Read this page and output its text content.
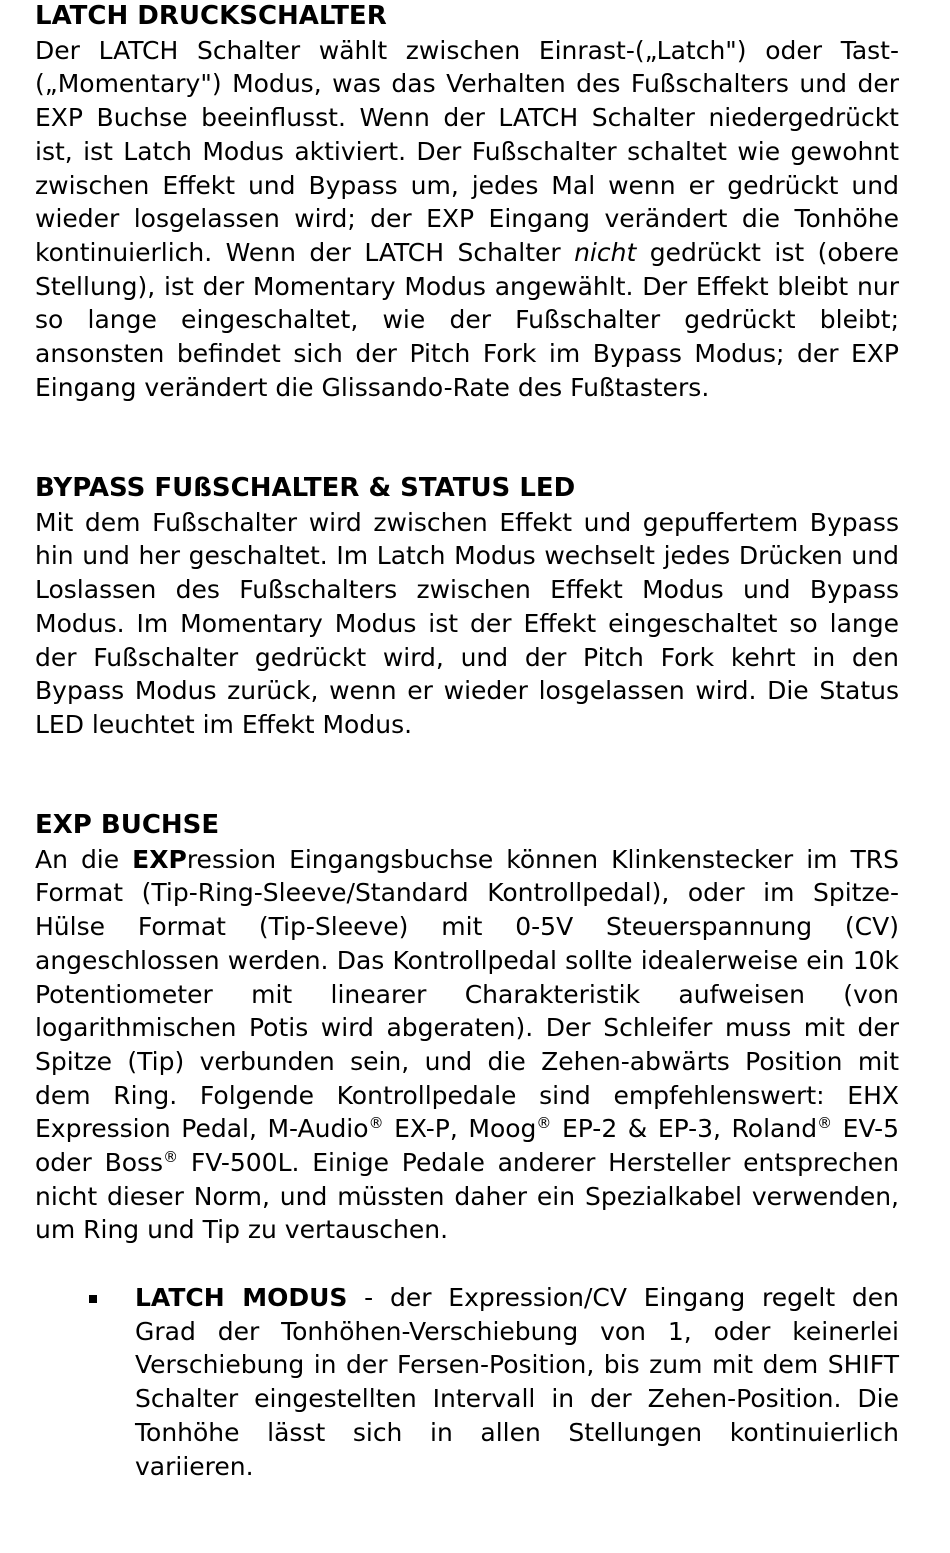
LATCH DRUCKSCHALTER

Der LATCH Schalter wählt zwischen Einrast-(„Latch") oder Tast-(„Momentary") Modus, was das Verhalten des Fußschalters und der EXP Buchse beeinflusst. Wenn der LATCH Schalter niedergedrückt ist, ist Latch Modus aktiviert. Der Fußschalter schaltet wie gewohnt zwischen Effekt und Bypass um, jedes Mal wenn er gedrückt und wieder losgelassen wird; der EXP Eingang verändert die Tonhöhe kontinuierlich. Wenn der LATCH Schalter nicht gedrückt ist (obere Stellung), ist der Momentary Modus angewählt. Der Effekt bleibt nur so lange eingeschaltet, wie der Fußschalter gedrückt bleibt; ansonsten befindet sich der Pitch Fork im Bypass Modus; der EXP Eingang verändert die Glissando-Rate des Fußtasters.

BYPASS FUßSCHALTER & STATUS LED

Mit dem Fußschalter wird zwischen Effekt und gepuffertem Bypass hin und her geschaltet. Im Latch Modus wechselt jedes Drücken und Loslassen des Fußschalters zwischen Effekt Modus und Bypass Modus. Im Momentary Modus ist der Effekt eingeschaltet so lange der Fußschalter gedrückt wird, und der Pitch Fork kehrt in den Bypass Modus zurück, wenn er wieder losgelassen wird. Die Status LED leuchtet im Effekt Modus.

EXP BUCHSE

An die EXPression Eingangsbuchse können Klinkenstecker im TRS Format (Tip-Ring-Sleeve/Standard Kontrollpedal), oder im Spitze-Hülse Format (Tip-Sleeve) mit 0-5V Steuerspannung (CV) angeschlossen werden. Das Kontrollpedal sollte idealerweise ein 10k Potentiometer mit linearer Charakteristik aufweisen (von logarithmischen Potis wird abgeraten). Der Schleifer muss mit der Spitze (Tip) verbunden sein, und die Zehen-abwärts Position mit dem Ring. Folgende Kontrollpedale sind empfehlenswert: EHX Expression Pedal, M-Audio® EX-P, Moog® EP-2 & EP-3, Roland® EV-5 oder Boss® FV-500L. Einige Pedale anderer Hersteller entsprechen nicht dieser Norm, und müssten daher ein Spezialkabel verwenden, um Ring und Tip zu vertauschen.

LATCH MODUS - der Expression/CV Eingang regelt den Grad der Tonhöhen-Verschiebung von 1, oder keinerlei Verschiebung in der Fersen-Position, bis zum mit dem SHIFT Schalter eingestellten Intervall in der Zehen-Position. Die Tonhöhe lässt sich in allen Stellungen kontinuierlich variieren.
